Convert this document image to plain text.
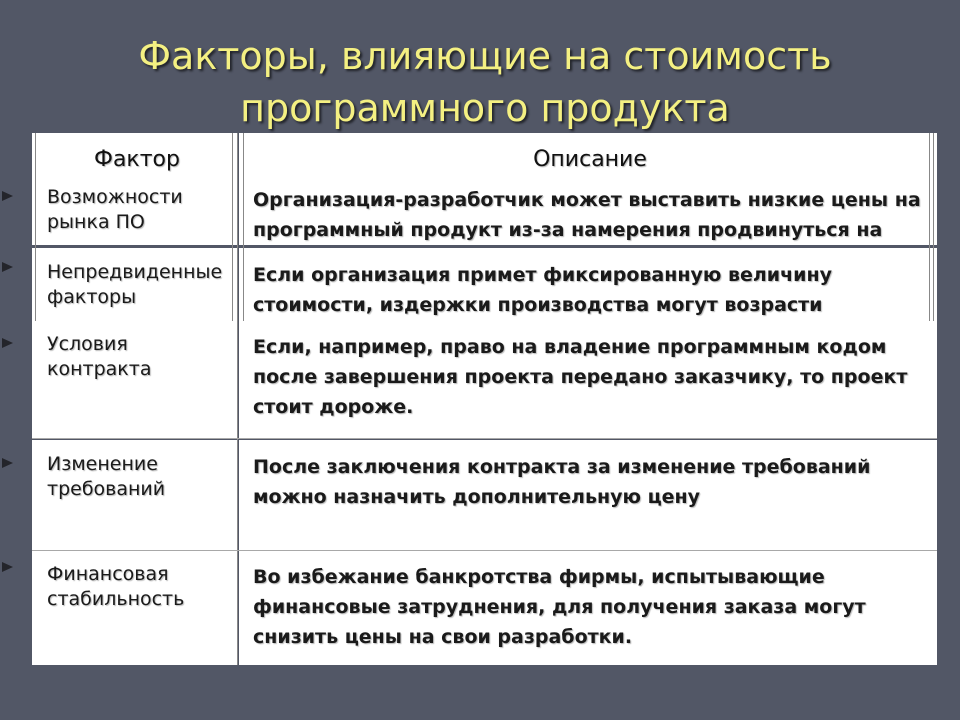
Факторы, влияющие на стоимость программного продукта
Фактор	Описание
Возможности рынка ПО
Организация-разработчик может выставить низкие цены на программный продукт из-за намерения продвинуться на
Непредвиденные факторы
Если организация примет фиксированную величину стоимости, издержки производства могут возрасти
Условия контракта
Если, например, право на владение программным кодом после завершения проекта передано заказчику, то проект стоит дороже.
Изменение требований
После заключения контракта за изменение требований можно назначить дополнительную цену
Финансовая стабильность
Во избежание банкротства фирмы, испытывающие финансовые затруднения, для получения заказа могут снизить цены на свои разработки.
